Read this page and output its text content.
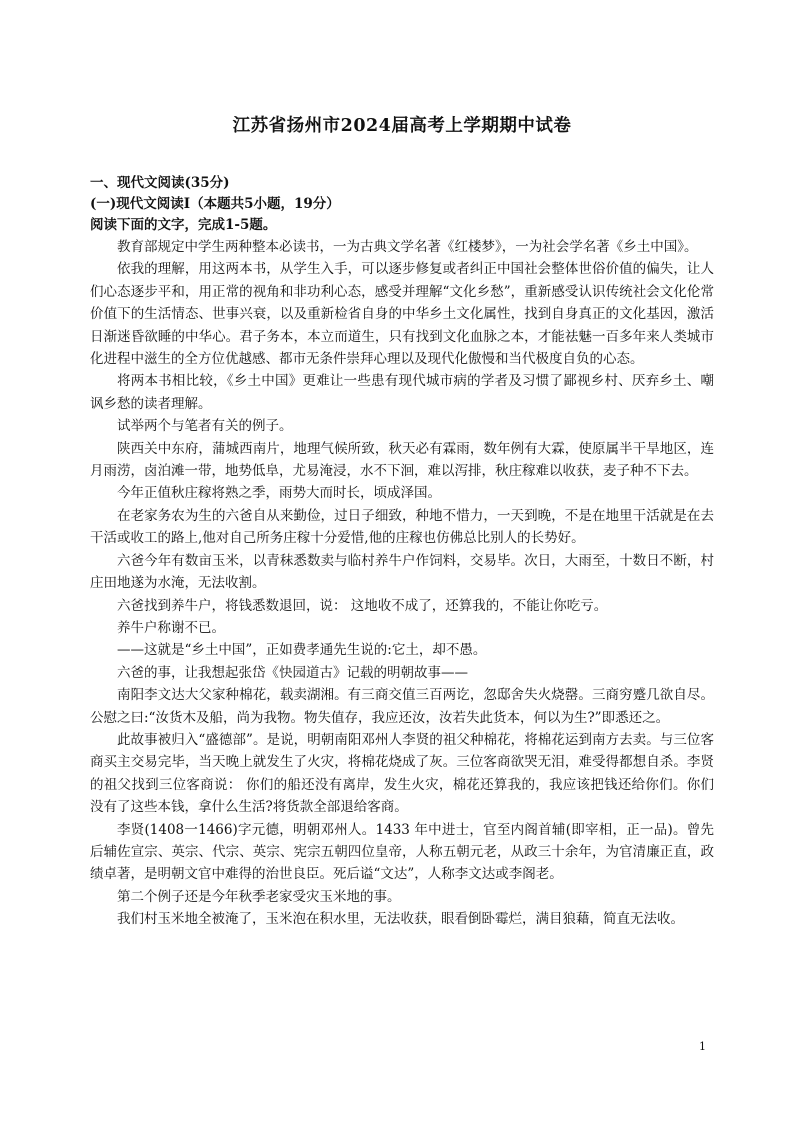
江苏省扬州市2024届高考上学期期中试卷
一、现代文阅读(35分)
(一)现代文阅读Ⅰ（本题共5小题，19分）
阅读下面的文字，完成1-5题。

教育部规定中学生两种整本必读书，一为古典文学名著《红楼梦》，一为社会学名著《乡土中国》。

依我的理解，用这两本书，从学生入手，可以逐步修复或者纠正中国社会整体世俗价值的偏失，让人们心态逐步平和，用正常的视角和非功利心态，感受并理解“文化乡愁”，重新感受认识传统社会文化伦常价值下的生活情态、世事兴衰，以及重新检省自身的中华乡土文化属性，找到自身真正的文化基因，激活日渐迷昏欲睡的中华心。君子务本，本立而道生，只有找到文化血脉之本，才能祛魅一百多年来人类城市化进程中滋生的全方位优越感、都市无条件崇拜心理以及现代化傲慢和当代极度自负的心态。

将两本书相比较，《乡土中国》更难让一些患有现代城市病的学者及习惯了鄙视乡村、厌弃乡土、嘲讽乡愁的读者理解。

试举两个与笔者有关的例子。

陕西关中东府，蒲城西南片，地理气候所致，秋天必有霖雨，数年例有大霖，使原属半干旱地区，连月雨涝，卤泊滩一带，地势低阜，尤易淹浸，水不下洄，难以泻排，秋庄稼难以收获，麦子种不下去。

今年正值秋庄稼将熟之季，雨势大而时长，顷成泽国。

在老家务农为生的六爸自从来勤俭，过日子细致，种地不惜力，一天到晚，不是在地里干活就是在去干活或收工的路上,他对自己所务庄稼十分爱惜,他的庄稼也仿佛总比别人的长势好。

六爸今年有数亩玉米，以青秣悉数卖与临村养牛户作饲料，交易毕。次日，大雨至，十数日不断，村庄田地遂为水淹，无法收割。

六爸找到养牛户，将钱悉数退回，说： 这地收不成了，还算我的，不能让你吃亏。

养牛户称谢不已。

——这就是“乡土中国”，正如费孝通先生说的:它土，却不愚。

六爸的事，让我想起张岱《快园道古》记载的明朝故事——

南阳李文达大父家种棉花，载卖湖湘。有三商交值三百两讫，忽邸舍失火烧罄。三商穷蹙几欲自尽。公慰之曰:“汝货木及船，尚为我物。物失值存，我应还汝，汝若失此货本，何以为生?”即悉还之。

此故事被归入“盛德部”。是说，明朝南阳邓州人李贤的祖父种棉花，将棉花运到南方去卖。与三位客商买主交易完毕，当天晚上就发生了火灾，将棉花烧成了灰。三位客商欲哭无泪，难受得都想自杀。李贤的祖父找到三位客商说： 你们的船还没有离岸，发生火灾，棉花还算我的，我应该把钱还给你们。你们没有了这些本钱，拿什么生活?将货款全部退给客商。

李贤(1408一1466)字元德，明朝邓州人。1433 年中进士，官至内阁首辅(即宰相，正一品)。曾先后辅佐宣宗、英宗、代宗、英宗、宪宗五朝四位皇帝，人称五朝元老，从政三十余年，为官清廉正直，政绩卓著，是明朝文官中难得的治世良臣。死后谥“文达”，人称李文达或李阁老。

第二个例子还是今年秋季老家受灾玉米地的事。

我们村玉米地全被淹了，玉米泡在积水里，无法收获，眼看倒卧霉烂，满目狼藉，简直无法收。

1
